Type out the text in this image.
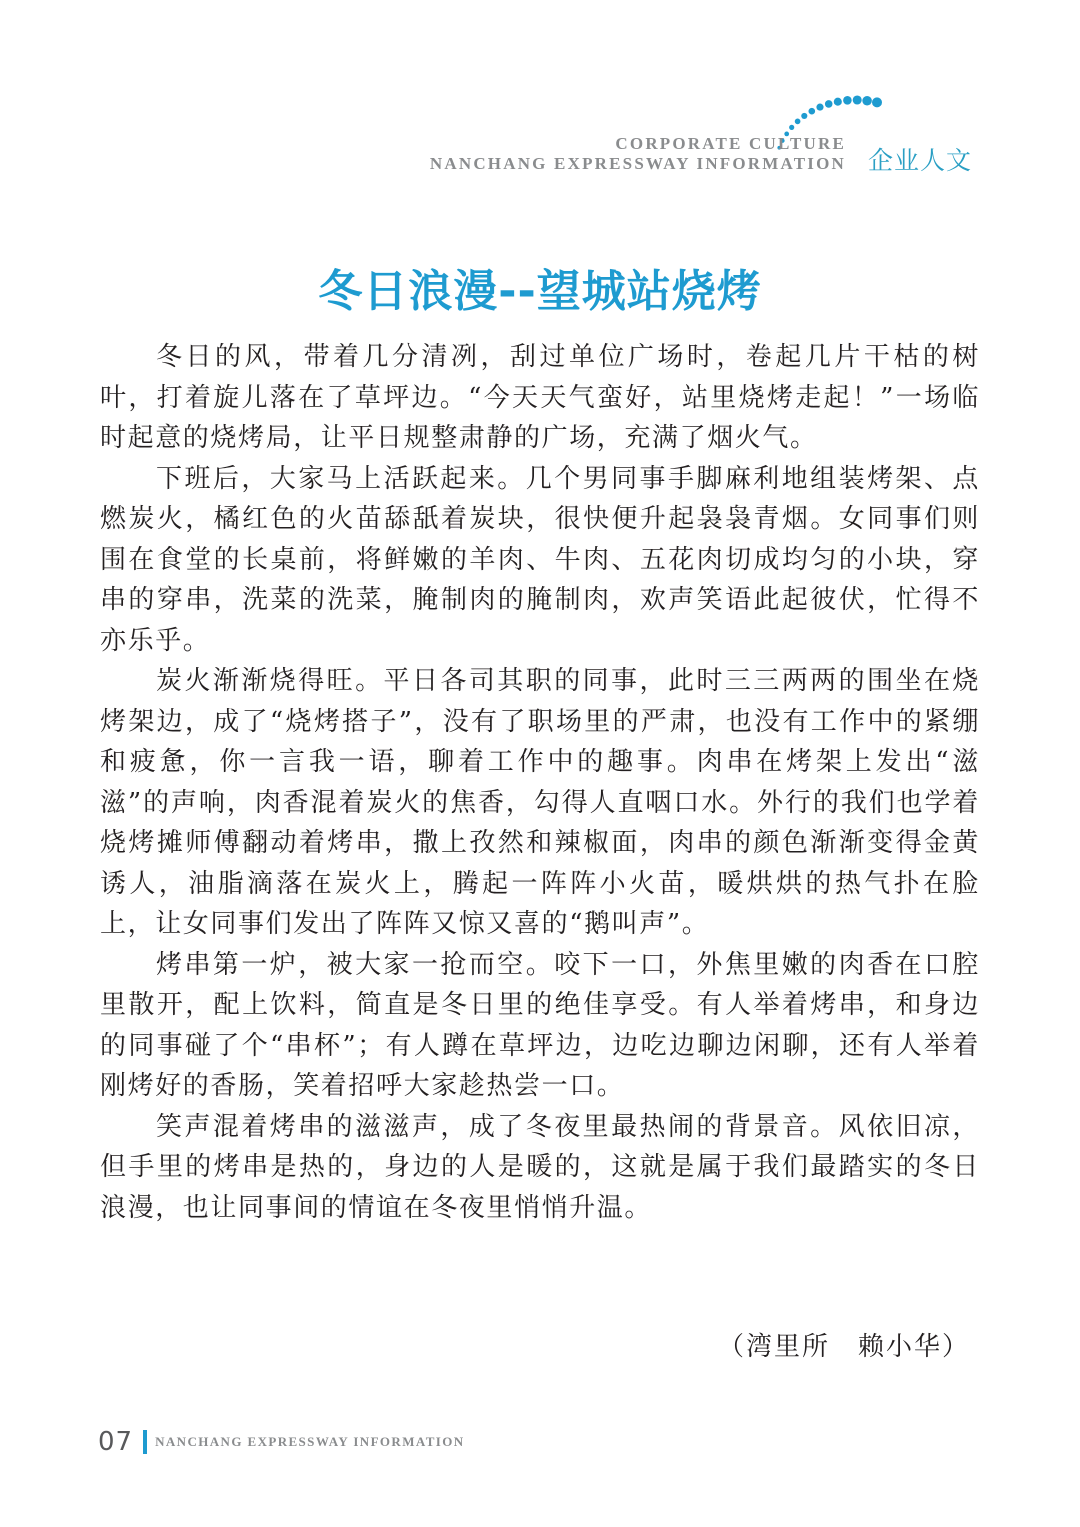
CORPORATE CULTURE
NANCHANG EXPRESSWAY INFORMATION 企业人文
冬日浪漫--望城站烧烤

冬日的风，带着几分清冽，刮过单位广场时，卷起几片干枯的树叶，打着旋儿落在了草坪边。“今天天气蛮好，站里烧烤走起！”一场临时起意的烧烤局，让平日规整肃静的广场，充满了烟火气。

下班后，大家马上活跃起来。几个男同事手脚麻利地组装烤架、点燃炭火，橘红色的火苗舔舐着炭块，很快便升起袅袅青烟。女同事们则围在食堂的长桌前，将鲜嫩的羊肉、牛肉、五花肉切成均匀的小块，穿串的穿串，洗菜的洗菜，腌制肉的腌制肉，欢声笑语此起彼伏，忙得不亦乐乎。

炭火渐渐烧得旺。平日各司其职的同事，此时三三两两的围坐在烧烤架边，成了“烧烤搭子”，没有了职场里的严肃，也没有工作中的紧绷和疲惫，你一言我一语，聊着工作中的趣事。肉串在烤架上发出“滋滋”的声响，肉香混着炭火的焦香，勾得人直咽口水。外行的我们也学着烧烤摊师傅翻动着烤串，撒上孜然和辣椒面，肉串的颜色渐渐变得金黄诱人，油脂滴落在炭火上，腾起一阵阵小火苗，暖烘烘的热气扑在脸上，让女同事们发出了阵阵又惊又喜的“鹅叫声”。

烤串第一炉，被大家一抢而空。咬下一口，外焦里嫩的肉香在口腔里散开，配上饮料，简直是冬日里的绝佳享受。有人举着烤串，和身边的同事碰了个“串杯”；有人蹲在草坪边，边吃边聊边闲聊，还有人举着刚烤好的香肠，笑着招呼大家趁热尝一口。

笑声混着烤串的滋滋声，成了冬夜里最热闹的背景音。风依旧凉，但手里的烤串是热的，身边的人是暖的，这就是属于我们最踏实的冬日浪漫，也让同事间的情谊在冬夜里悄悄升温。

（湾里所　赖小华）
07 NANCHANG EXPRESSWAY INFORMATION
